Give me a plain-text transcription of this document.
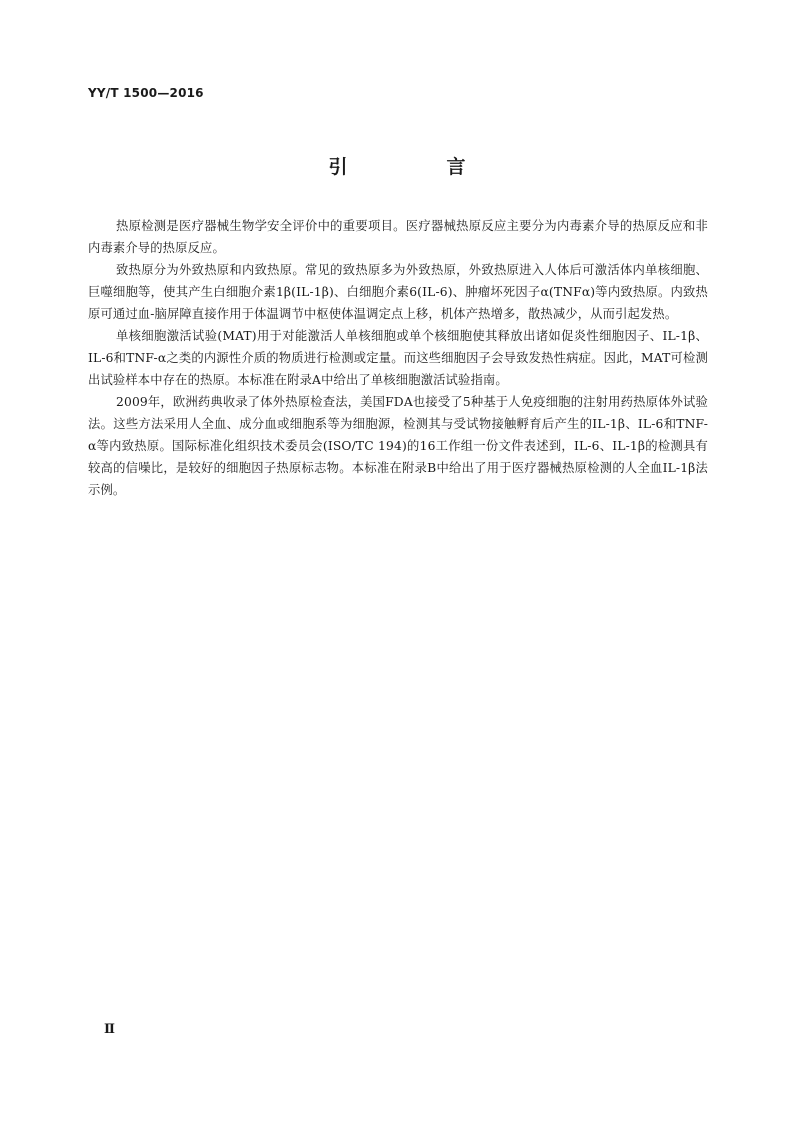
YY/T 1500—2016
引　言

热原检测是医疗器械生物学安全评价中的重要项目。医疗器械热原反应主要分为内毒素介导的热原反应和非内毒素介导的热原反应。

致热原分为外致热原和内致热原。常见的致热原多为外致热原，外致热原进入人体后可激活体内单核细胞、巨噬细胞等，使其产生白细胞介素1β(IL-1β)、白细胞介素6(IL-6)、肿瘤坏死因子α(TNFα)等内致热原。内致热原可通过血-脑屏障直接作用于体温调节中枢使体温调定点上移，机体产热增多，散热减少，从而引起发热。

单核细胞激活试验(MAT)用于对能激活人单核细胞或单个核细胞使其释放出诸如促炎性细胞因子、IL-1β、IL-6和TNF-α之类的内源性介质的物质进行检测或定量。而这些细胞因子会导致发热性病症。因此，MAT可检测出试验样本中存在的热原。本标准在附录A中给出了单核细胞激活试验指南。

2009年，欧洲药典收录了体外热原检查法，美国FDA也接受了5种基于人免疫细胞的注射用药热原体外试验法。这些方法采用人全血、成分血或细胞系等为细胞源，检测其与受试物接触孵育后产生的IL-1β、IL-6和TNF-α等内致热原。国际标准化组织技术委员会(ISO/TC 194)的16工作组一份文件表述到，IL-6、IL-1β的检测具有较高的信噪比，是较好的细胞因子热原标志物。本标准在附录B中给出了用于医疗器械热原检测的人全血IL-1β法示例。

Ⅱ
